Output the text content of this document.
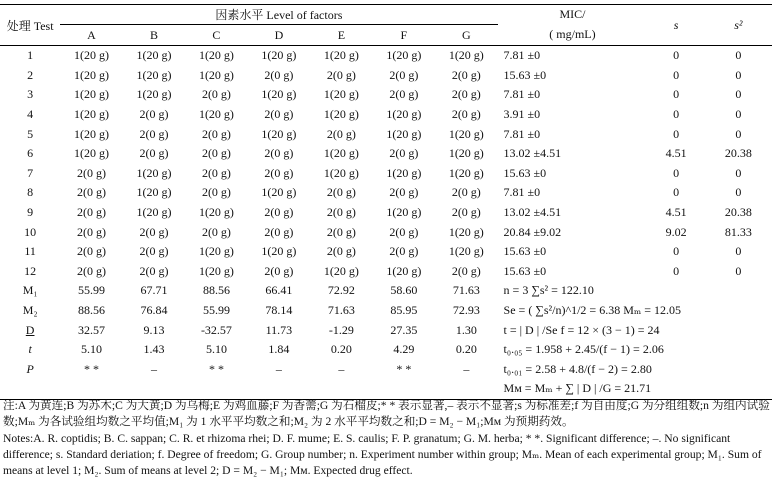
处理 Test	因素水平 Level of factors							MIC/	s	s²
	A	B	C	D	E	F	G	( mg/mL)		
1	1(20 g)	1(20 g)	1(20 g)	1(20 g)	1(20 g)	1(20 g)	1(20 g)	7.81 ±0	0	0
2	1(20 g)	1(20 g)	1(20 g)	2(0 g)	2(0 g)	2(0 g)	2(0 g)	15.63 ±0	0	0
3	1(20 g)	1(20 g)	2(0 g)	1(20 g)	1(20 g)	2(0 g)	2(0 g)	7.81 ±0	0	0
4	1(20 g)	2(0 g)	1(20 g)	2(0 g)	1(20 g)	1(20 g)	2(0 g)	3.91 ±0	0	0
5	1(20 g)	2(0 g)	2(0 g)	1(20 g)	2(0 g)	1(20 g)	1(20 g)	7.81 ±0	0	0
6	1(20 g)	2(0 g)	2(0 g)	2(0 g)	1(20 g)	2(0 g)	1(20 g)	13.02 ±4.51	4.51	20.38
7	2(0 g)	1(20 g)	2(0 g)	2(0 g)	1(20 g)	1(20 g)	1(20 g)	15.63 ±0	0	0
8	2(0 g)	1(20 g)	2(0 g)	1(20 g)	2(0 g)	2(0 g)	2(0 g)	7.81 ±0	0	0
9	2(0 g)	1(20 g)	1(20 g)	2(0 g)	2(0 g)	1(20 g)	2(0 g)	13.02 ±4.51	4.51	20.38
10	2(0 g)	2(0 g)	2(0 g)	2(0 g)	2(0 g)	2(0 g)	1(20 g)	20.84 ±9.02	9.02	81.33
11	2(0 g)	2(0 g)	1(20 g)	1(20 g)	2(0 g)	2(0 g)	1(20 g)	15.63 ±0	0	0
12	2(0 g)	2(0 g)	1(20 g)	2(0 g)	1(20 g)	1(20 g)	2(0 g)	15.63 ±0	0	0
M₁	55.99	67.71	88.56	66.41	72.92	58.60	71.63	n = 3 ∑s² = 122.10		
M₂	88.56	76.84	55.99	78.14	71.63	85.95	72.93	Se = ( ∑s²/n)^1/2 = 6.38 Mₘ = 12.05		
D	32.57	9.13	-32.57	11.73	-1.29	27.35	1.30	t = | D | /Se f = 12 × (3 − 1) = 24		
t	5.10	1.43	5.10	1.84	0.20	4.29	0.20	t₀.₀₅ = 1.958 + 2.45/(f − 1) = 2.06		
P	* *	–	* *	–	–	* *	–	t₀.₀₁ = 2.58 + 4.8/(f − 2) = 2.80		
								Mᴍ = Mₘ + ∑ | D | /G = 21.71		

注:A 为黄连;B 为苏木;C 为大黄;D 为乌梅;E 为鸡血藤;F 为香薷;G 为石榴皮;* * 表示显著,– 表示不显著;s 为标准差;f 为自由度;G 为分组组数;n 为组内试验数;Mₘ 为各试验组均数之平均值;M₁ 为 1 水平平均数之和;M₂ 为 2 水平平均数之和;D = M₂ − M₁;Mᴍ 为预期药效。

Notes:A. R. coptidis; B. C. sappan; C. R. et rhizoma rhei; D. F. mume; E. S. caulis; F. P. granatum; G. M. herba; * *. Significant difference; –. No significant difference; s. Standard deriation; f. Degree of freedom; G. Group number; n. Experiment number within group; Mₘ. Mean of each experimental group; M₁. Sum of means at level 1; M₂. Sum of means at level 2; D = M₂ − M₁; Mᴍ. Expected drug effect.
